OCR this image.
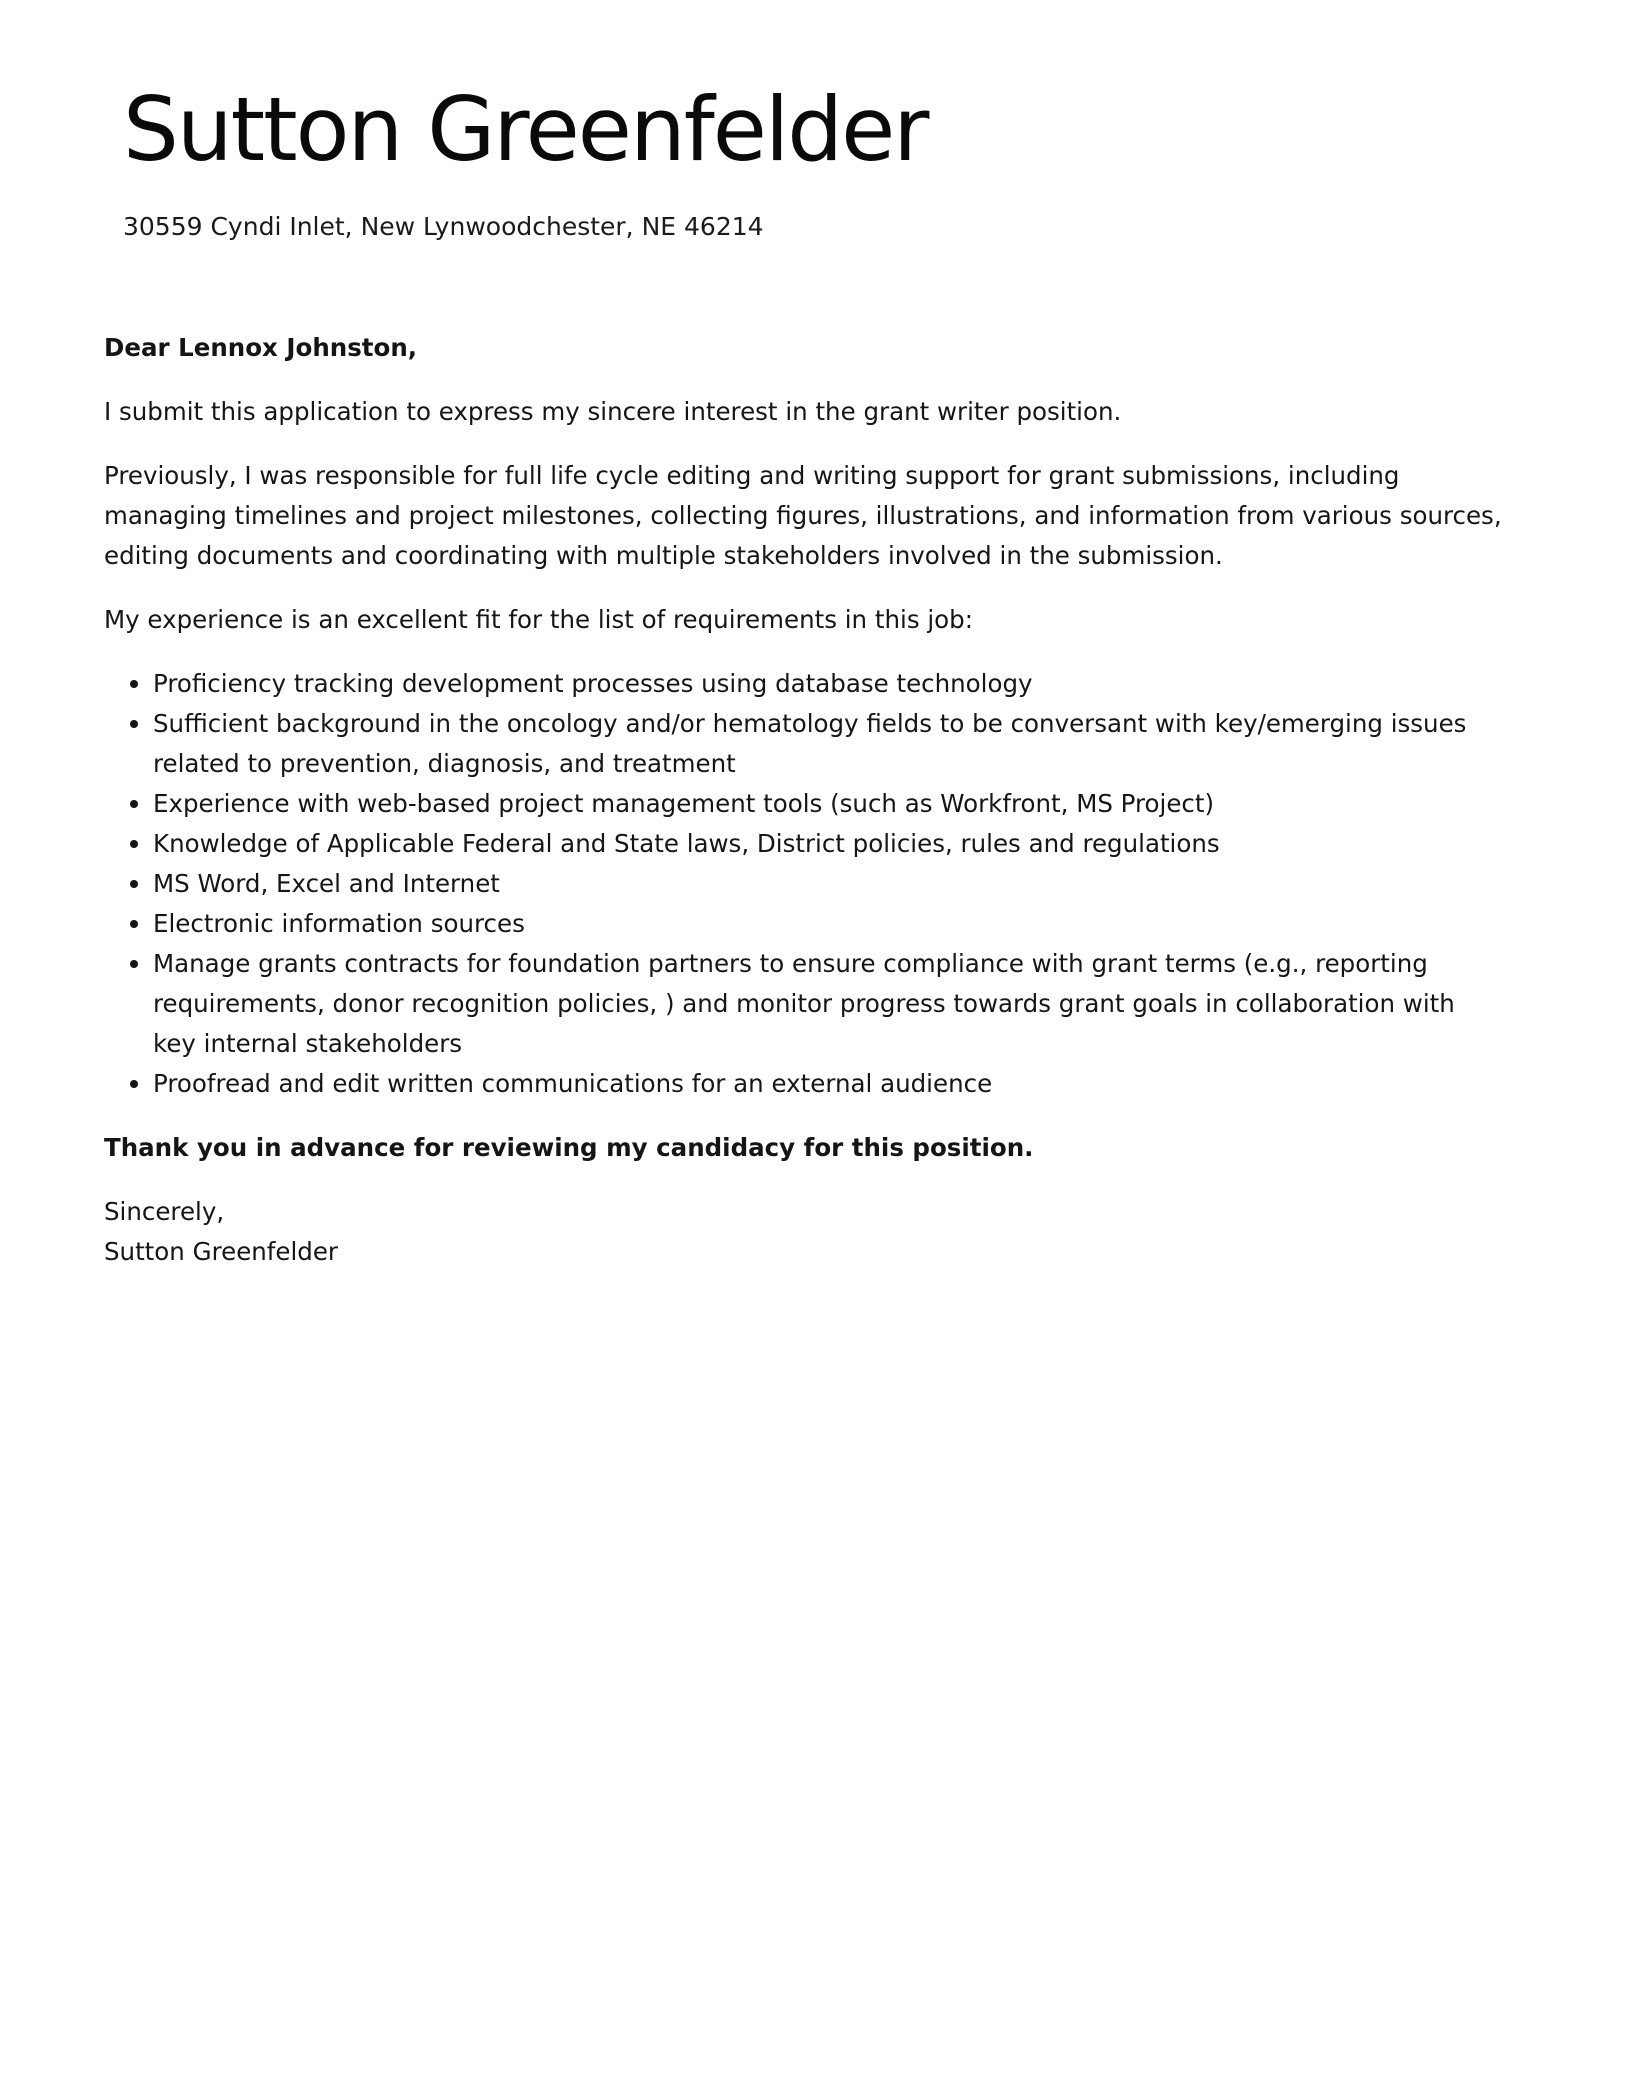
Sutton Greenfelder
30559 Cyndi Inlet, New Lynwoodchester, NE 46214

Dear Lennox Johnston,

I submit this application to express my sincere interest in the grant writer position.

Previously, I was responsible for full life cycle editing and writing support for grant submissions, including managing timelines and project milestones, collecting figures, illustrations, and information from various sources, editing documents and coordinating with multiple stakeholders involved in the submission.

My experience is an excellent fit for the list of requirements in this job:

Proficiency tracking development processes using database technology
Sufficient background in the oncology and/or hematology fields to be conversant with key/emerging issues related to prevention, diagnosis, and treatment
Experience with web-based project management tools (such as Workfront, MS Project)
Knowledge of Applicable Federal and State laws, District policies, rules and regulations
MS Word, Excel and Internet
Electronic information sources
Manage grants contracts for foundation partners to ensure compliance with grant terms (e.g., reporting requirements, donor recognition policies, ) and monitor progress towards grant goals in collaboration with key internal stakeholders
Proofread and edit written communications for an external audience

Thank you in advance for reviewing my candidacy for this position.

Sincerely,
Sutton Greenfelder
